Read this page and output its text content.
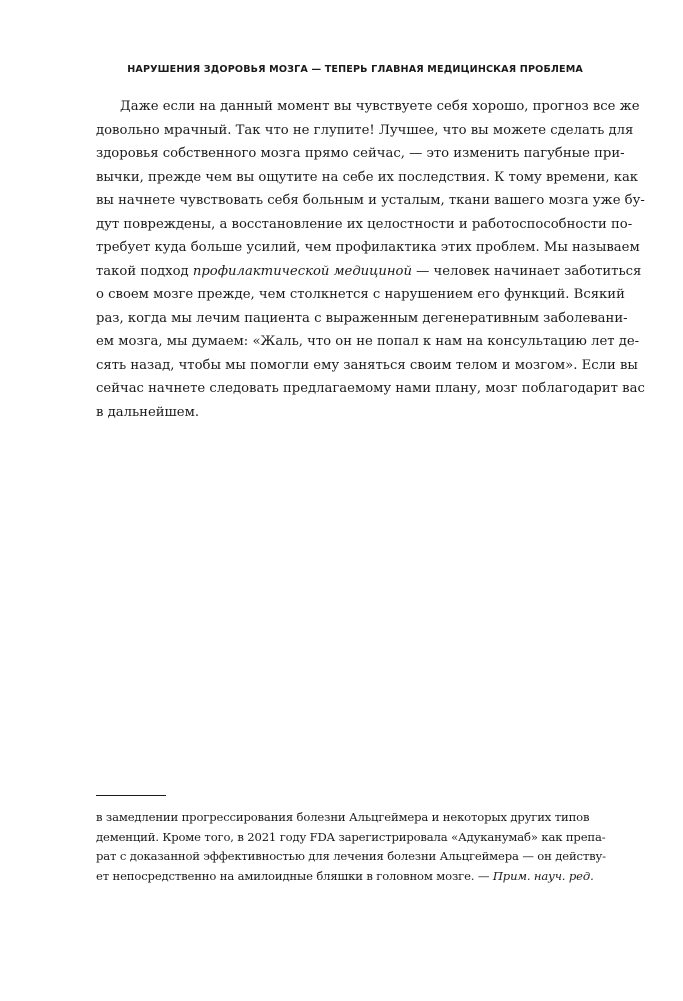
НАРУШЕНИЯ ЗДОРОВЬЯ МОЗГА — ТЕПЕРЬ ГЛАВНАЯ МЕДИЦИНСКАЯ ПРОБЛЕМА
Даже если на данный момент вы чувствуете себя хорошо, прогноз все же
довольно мрачный. Так что не глупите! Лучшее, что вы можете сделать для
здоровья собственного мозга прямо сейчас, — это изменить пагубные при-
вычки, прежде чем вы ощутите на себе их последствия. К тому времени, как
вы начнете чувствовать себя больным и усталым, ткани вашего мозга уже бу-
дут повреждены, а восстановление их целостности и работоспособности по-
требует куда больше усилий, чем профилактика этих проблем. Мы называем
такой подход профилактической медициной — человек начинает заботиться
о своем мозге прежде, чем столкнется с нарушением его функций. Всякий
раз, когда мы лечим пациента с выраженным дегенеративным заболевани-
ем мозга, мы думаем: «Жаль, что он не попал к нам на консультацию лет де-
сять назад, чтобы мы помогли ему заняться своим телом и мозгом». Если вы
сейчас начнете следовать предлагаемому нами плану, мозг поблагодарит вас
в дальнейшем.
в замедлении прогрессирования болезни Альцгеймера и некоторых других типов
деменций. Кроме того, в 2021 году FDA зарегистрировала «Адуканумаб» как препа-
рат с доказанной эффективностью для лечения болезни Альцгеймера — он действу-
ет непосредственно на амилоидные бляшки в головном мозге. — Прим. науч. ред.
